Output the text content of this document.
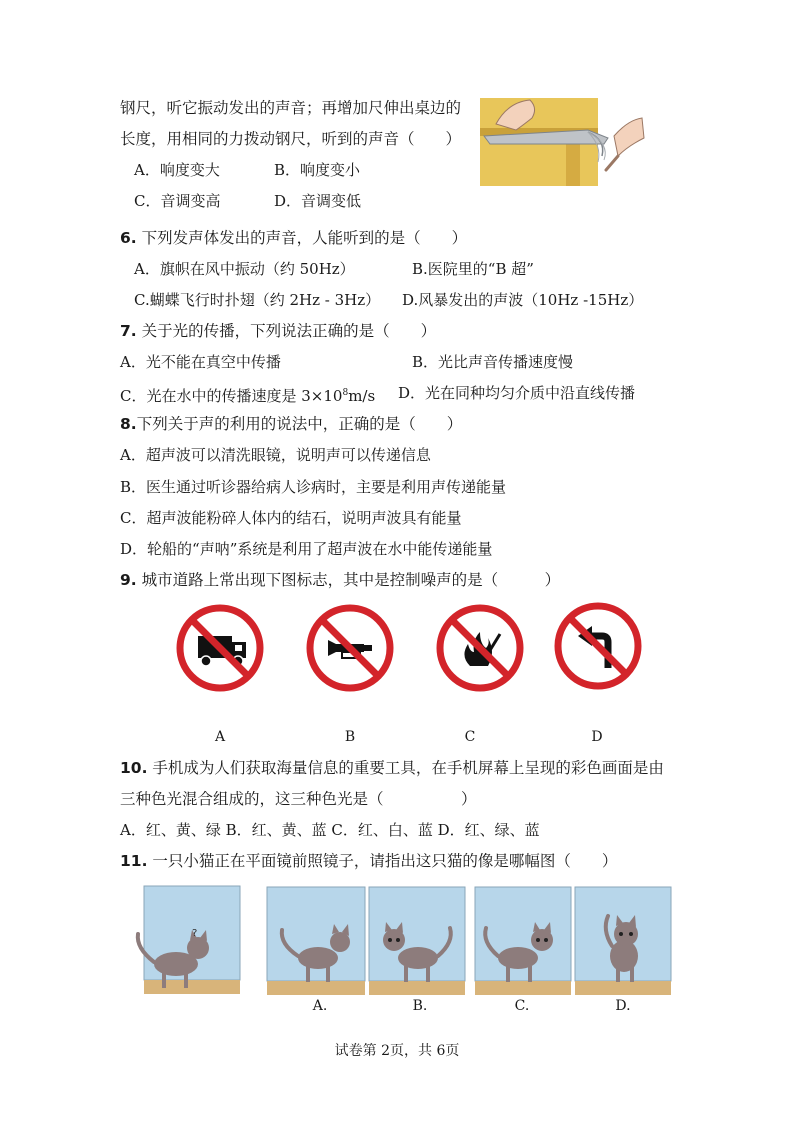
钢尺，听它振动发出的声音；再增加尺伸出桌边的
长度，用相同的力拨动钢尺，听到的声音（　　）
A．响度变大	B．响度变小
C．音调变高	D．音调变低
6. 下列发声体发出的声音，人能听到的是（　　）
A．旗帜在风中振动（约 50Hz）	B.医院里的“B 超”
C.蝴蝶飞行时扑翅（约 2Hz - 3Hz） D.风暴发出的声波（10Hz -15Hz）
7. 关于光的传播，下列说法正确的是（　　）
A．光不能在真空中传播	B．光比声音传播速度慢
C．光在水中的传播速度是 $3\times 10^8m/s$ D．光在同种均匀介质中沿直线传播
8.下列关于声的利用的说法中，正确的是（　　）
A．超声波可以清洗眼镜，说明声可以传递信息
B．医生通过听诊器给病人诊病时，主要是利用声传递能量
C．超声波能粉碎人体内的结石，说明声波具有能量
D．轮船的“声呐”系统是利用了超声波在水中能传递能量
9. 城市道路上常出现下图标志，其中是控制噪声的是（　　　）
A	B	C	D
10. 手机成为人们获取海量信息的重要工具，在手机屏幕上呈现的彩色画面是由
三种色光混合组成的，这三种色光是（　　　　　）
A．红、黄、绿 B．红、黄、蓝 C．红、白、蓝 D．红、绿、蓝
11. 一只小猫正在平面镜前照镜子，请指出这只猫的像是哪幅图（　　）
?
A.	B.	C.	D.
试卷第 2页，共 6页
